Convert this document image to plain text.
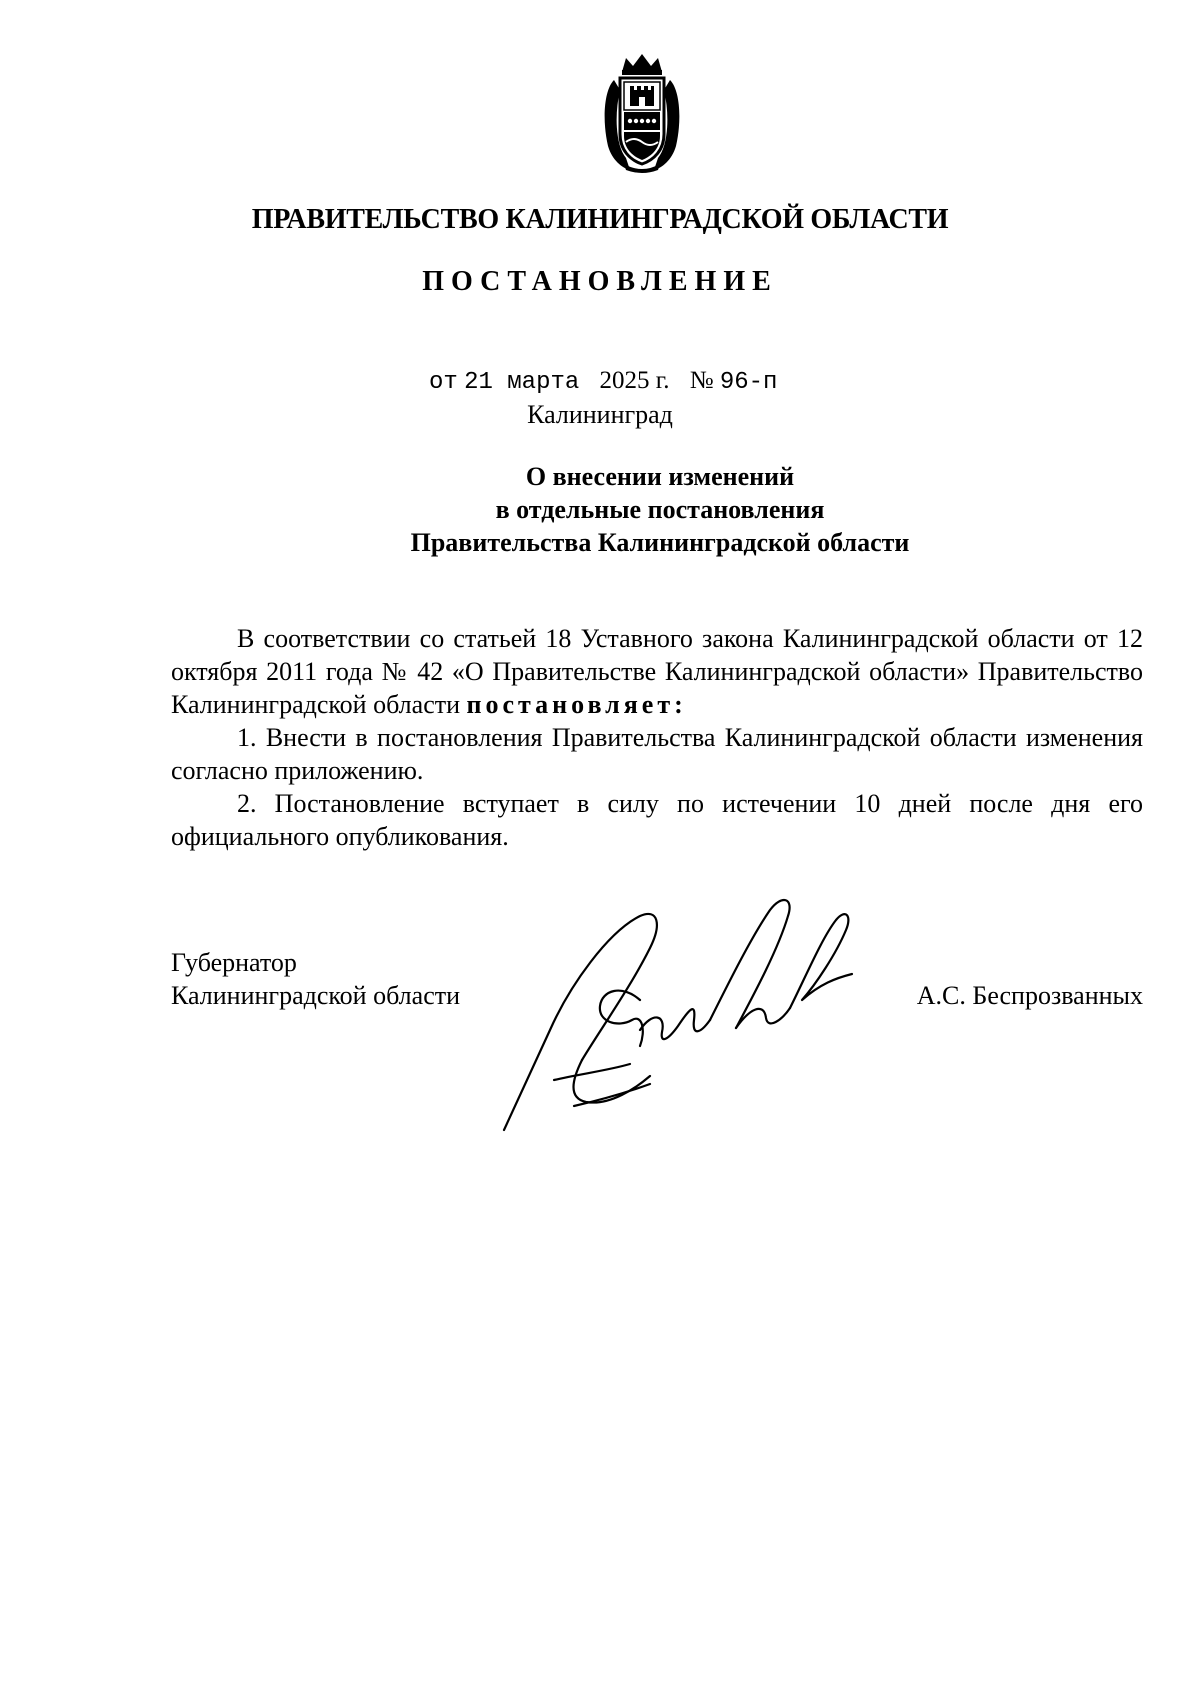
ПРАВИТЕЛЬСТВО КАЛИНИНГРАДСКОЙ ОБЛАСТИ
ПОСТАНОВЛЕНИЕ
от 21 марта 2025 г. № 96-п
Калининград
О внесении изменений
в отдельные постановления
Правительства Калининградской области

В соответствии со статьей 18 Уставного закона Калининградской области от 12 октября 2011 года № 42 «О Правительстве Калининградской области» Правительство Калининградской области постановляет:

1. Внести в постановления Правительства Калининградской области изменения согласно приложению.

2. Постановление вступает в силу по истечении 10 дней после дня его официального опубликования.

Губернатор
Калининградской области	А.С. Беспрозванных
